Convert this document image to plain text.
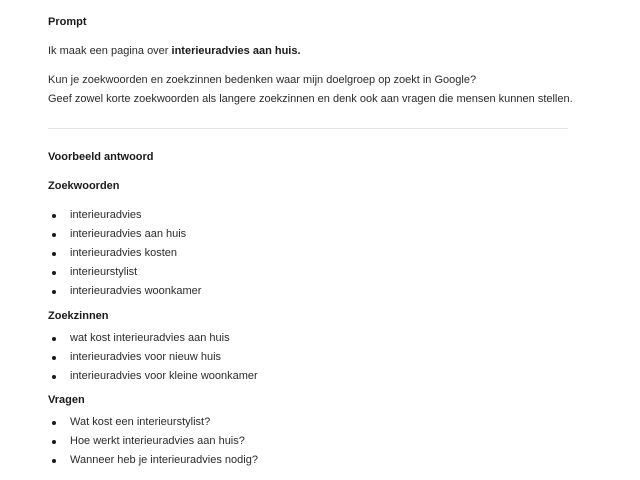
Prompt
Ik maak een pagina over interieuradvies aan huis.
Kun je zoekwoorden en zoekzinnen bedenken waar mijn doelgroep op zoekt in Google?
Geef zowel korte zoekwoorden als langere zoekzinnen en denk ook aan vragen die mensen kunnen stellen.
Voorbeeld antwoord
Zoekwoorden
interieuradvies
interieuradvies aan huis
interieuradvies kosten
interieurstylist
interieuradvies woonkamer
Zoekzinnen
wat kost interieuradvies aan huis
interieuradvies voor nieuw huis
interieuradvies voor kleine woonkamer
Vragen
Wat kost een interieurstylist?
Hoe werkt interieuradvies aan huis?
Wanneer heb je interieuradvies nodig?
